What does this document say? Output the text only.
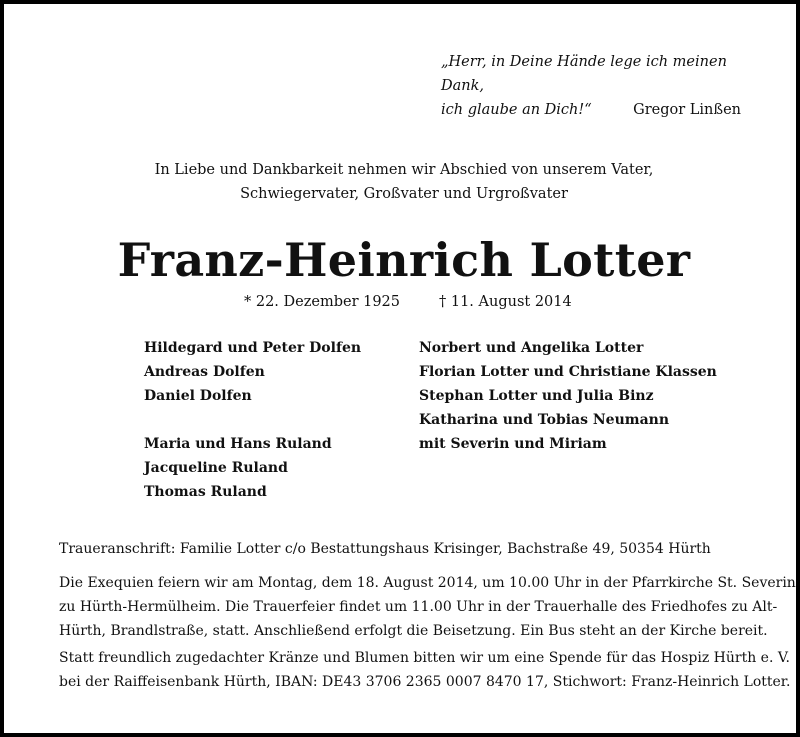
„Herr, in Deine Hände lege ich meinen Dank,
ich glaube an Dich!“	Gregor Linßen
In Liebe und Dankbarkeit nehmen wir Abschied von unserem Vater,
Schwiegervater, Großvater und Urgroßvater
Franz-Heinrich Lotter
* 22. Dezember 1925	† 11. August 2014
Hildegard und Peter Dolfen
Andreas Dolfen
Daniel Dolfen
Maria und Hans Ruland
Jacqueline Ruland
Thomas Ruland
Norbert und Angelika Lotter
Florian Lotter und Christiane Klassen
Stephan Lotter und Julia Binz
Katharina und Tobias Neumann
mit Severin und Miriam
Traueranschrift: Familie Lotter c/o Bestattungshaus Krisinger, Bachstraße 49, 50354 Hürth
Die Exequien feiern wir am Montag, dem 18. August 2014, um 10.00 Uhr in der Pfarrkirche St. Severin
zu Hürth-Hermülheim. Die Trauerfeier findet um 11.00 Uhr in der Trauerhalle des Friedhofes zu Alt-
Hürth, Brandlstraße, statt. Anschließend erfolgt die Beisetzung. Ein Bus steht an der Kirche bereit.
Statt freundlich zugedachter Kränze und Blumen bitten wir um eine Spende für das Hospiz Hürth e. V.
bei der Raiffeisenbank Hürth, IBAN: DE43 3706 2365 0007 8470 17, Stichwort: Franz-Heinrich Lotter.
